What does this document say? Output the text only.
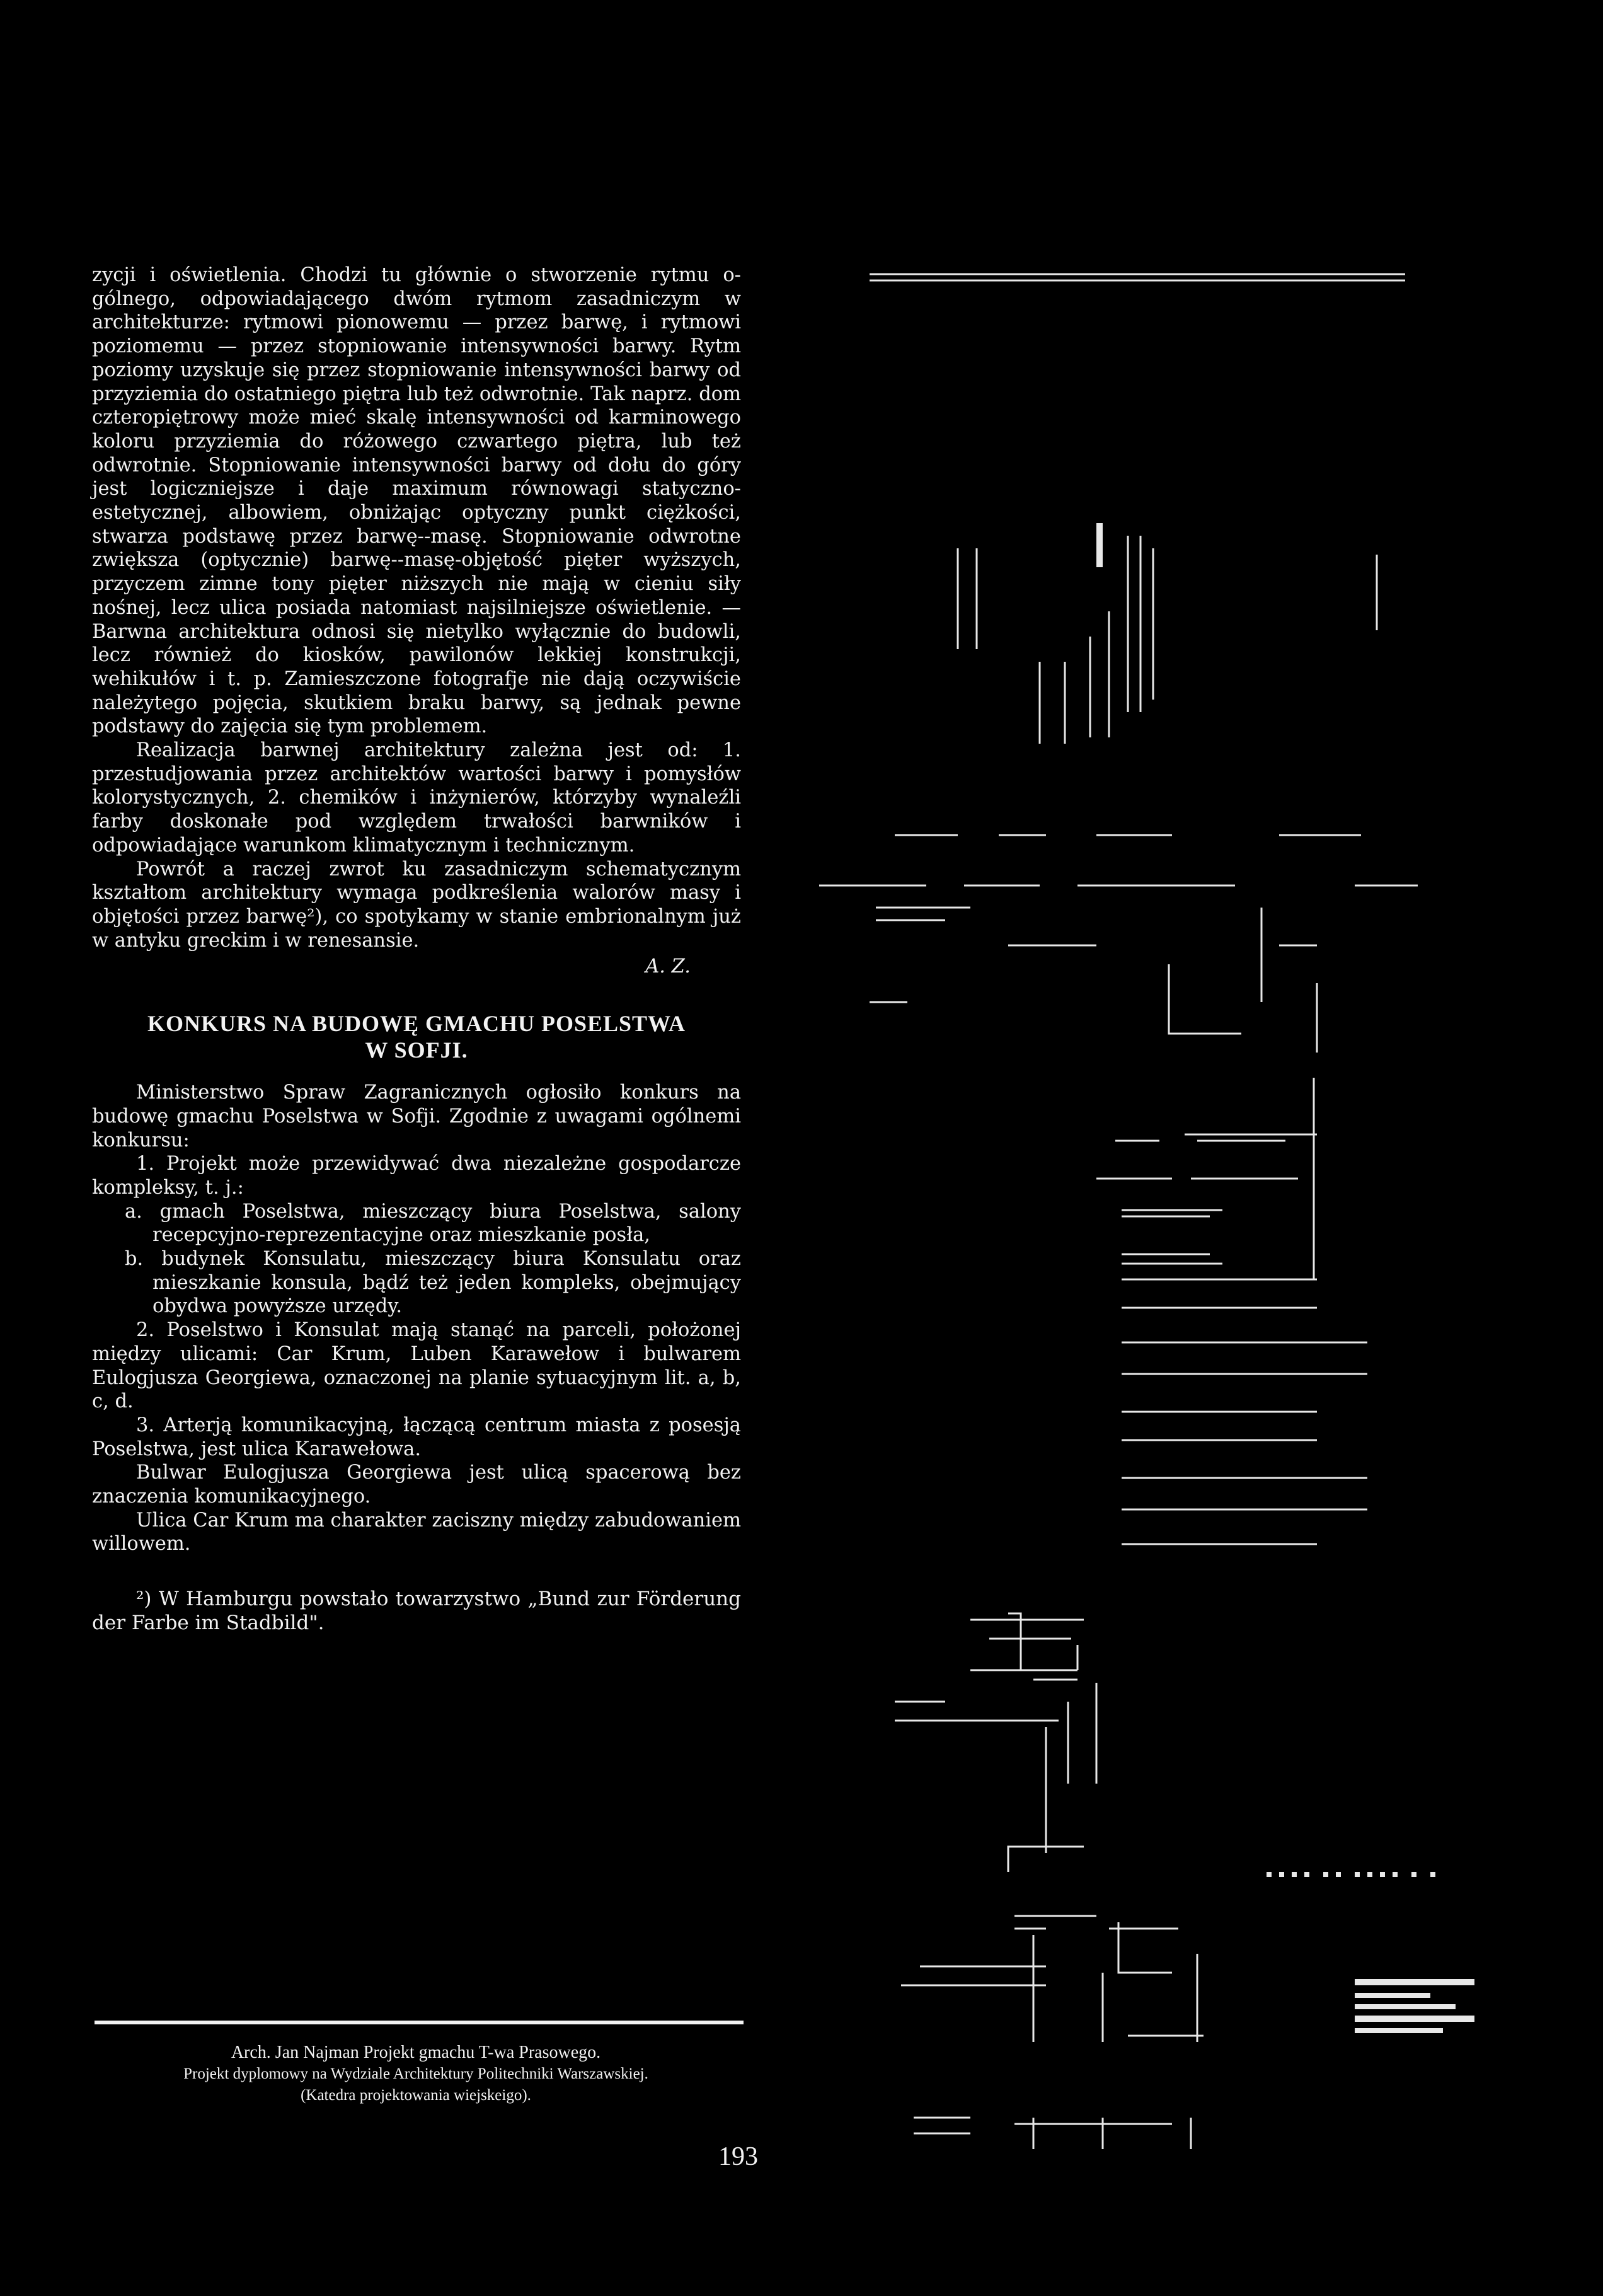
zycji i oświetlenia. Chodzi tu głównie o stworzenie rytmu o-gólnego, odpowiadającego dwóm rytmom zasadniczym w architekturze: rytmowi pionowemu — przez barwę, i rytmowi poziomemu — przez stopniowanie intensywności barwy. Rytm poziomy uzyskuje się przez stopniowanie intensywności barwy od przyziemia do ostatniego piętra lub też odwrotnie. Tak naprz. dom czteropiętrowy może mieć skalę intensywności od karminowego koloru przyziemia do różowego czwartego piętra, lub też odwrotnie. Stopniowanie intensywności barwy od dołu do góry jest logiczniejsze i daje maximum równowagi statyczno-estetycznej, albowiem, obniżając optyczny punkt ciężkości, stwarza podstawę przez barwę--masę. Stopniowanie odwrotne zwiększa (optycznie) barwę--masę-objętość pięter wyższych, przyczem zimne tony pięter niższych nie mają w cieniu siły nośnej, lecz ulica posiada natomiast najsilniejsze oświetlenie. — Barwna architektura odnosi się nietylko wyłącznie do budowli, lecz również do kiosków, pawilonów lekkiej konstrukcji, wehikułów i t. p. Zamieszczone fotografje nie dają oczywiście należytego pojęcia, skutkiem braku barwy, są jednak pewne podstawy do zajęcia się tym problemem.

Realizacja barwnej architektury zależna jest od: 1. przestudjowania przez architektów wartości barwy i pomysłów kolorystycznych, 2. chemików i inżynierów, którzyby wynaleźli farby doskonałe pod względem trwałości barwników i odpowiadające warunkom klimatycznym i technicznym.

Powrót a raczej zwrot ku zasadniczym schematycznym kształtom architektury wymaga podkreślenia walorów masy i objętości przez barwę²), co spotykamy w stanie embrionalnym już w antyku greckim i w renesansie.

A. Z.

KONKURS NA BUDOWĘ GMACHU POSELSTWA
W SOFJI.

Ministerstwo Spraw Zagranicznych ogłosiło konkurs na budowę gmachu Poselstwa w Sofji. Zgodnie z uwagami ogólnemi konkursu:

1. Projekt może przewidywać dwa niezależne gospodarcze kompleksy, t. j.:

a. gmach Poselstwa, mieszczący biura Poselstwa, salony recepcyjno-reprezentacyjne oraz mieszkanie posła,

b. budynek Konsulatu, mieszczący biura Konsulatu oraz mieszkanie konsula, bądź też jeden kompleks, obejmujący obydwa powyższe urzędy.

2. Poselstwo i Konsulat mają stanąć na parceli, położonej między ulicami: Car Krum, Luben Karawełow i bulwarem Eulogjusza Georgiewa, oznaczonej na planie sytuacyjnym lit. a, b, c, d.

3. Arterją komunikacyjną, łączącą centrum miasta z posesją Poselstwa, jest ulica Karawełowa.

Bulwar Eulogjusza Georgiewa jest ulicą spacerową bez znaczenia komunikacyjnego.

Ulica Car Krum ma charakter zaciszny między zabudowaniem willowem.

²) W Hamburgu powstało towarzystwo „Bund zur Förderung der Farbe im Stadbild".

Arch. Jan Najman Projekt gmachu T-wa Prasowego.
Projekt dyplomowy na Wydziale Architektury Politechniki Warszawskiej.
(Katedra projektowania wiejskeigo).
193
